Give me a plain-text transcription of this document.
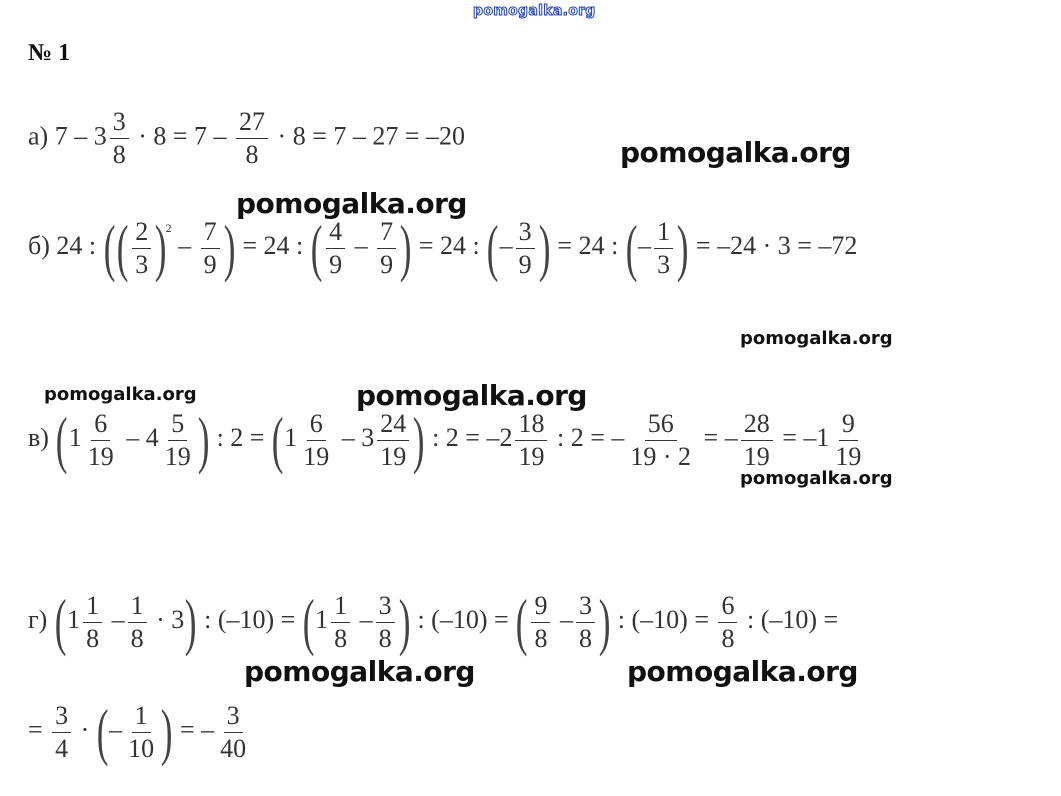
pomogalka.org
№ 1
а) $7 - 3 \frac{3}{8} \cdot 8 = 7 - \frac{27}{8} \cdot 8 = 7 - 27 = -20$
б) 24 : (( $\frac{2}{3} )^2 - \frac{7}{9}$ ) = 24 : ( $\frac{4}{9} - \frac{7}{9}$ ) = 24 : (– $\frac{3}{9}$ ) = 24 : (– $\frac{1}{3}$ ) = –24 · 3 = –72
в) ($1 \frac{6}{19} - 4 \frac{5}{19}$ ) : $2 = (1 \frac{6}{19} - 3 \frac{24}{19}$ ) : $2 = -2 \frac{18}{19}$ : 2 = – $\frac{56}{19 \cdot 2}$ = – $\frac{28}{19} = -1 \frac{9}{19}$
г) $(1 \frac{1}{8} - \frac{1}{8} \cdot 3)$ : $(-10) = (1 \frac{1}{8} - \frac{3}{8}$ ) : (–10) = ( $\frac{9}{8} - \frac{3}{8}$ ) : $(-10) = \frac{6}{8}$ : (–10) =
= $\frac{3}{4}$ · (– $\frac{1}{10}$ ) = – $\frac{3}{40}$
pomogalka.org
pomogalka.org
pomogalka.org
pomogalka.org	pomogalka.org
pomogalka.org
pomogalka.org	pomogalka.org
